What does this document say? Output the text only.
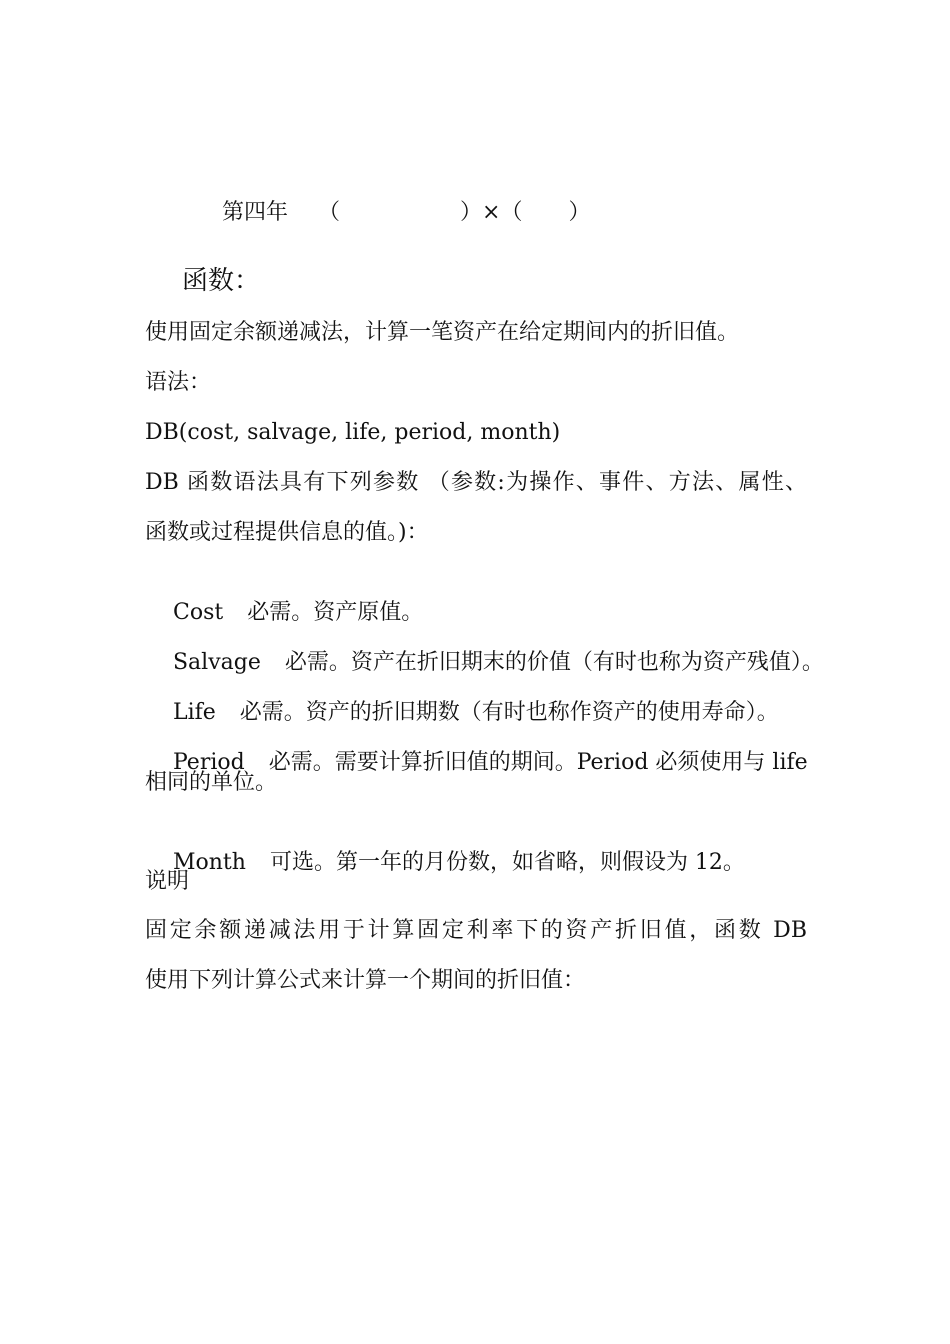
第四年 （	）×（ ）

函数：
使用固定余额递减法，计算一笔资产在给定期间内的折旧值。
语法：
DB(cost, salvage, life, period, month)
DB 函数语法具有下列参数 （参数:为操作、事件、方法、属性、
函数或过程提供信息的值。)：

Cost 必需。资产原值。

Salvage 必需。资产在折旧期末的价值（有时也称为资产残值）。

Life 必需。资产的折旧期数（有时也称作资产的使用寿命）。

Period 必需。需要计算折旧值的期间。Period 必须使用与 life

相同的单位。

Month 可选。第一年的月份数，如省略，则假设为 12。

说明
固定余额递减法用于计算固定利率下的资产折旧值，函数 DB
使用下列计算公式来计算一个期间的折旧值：
